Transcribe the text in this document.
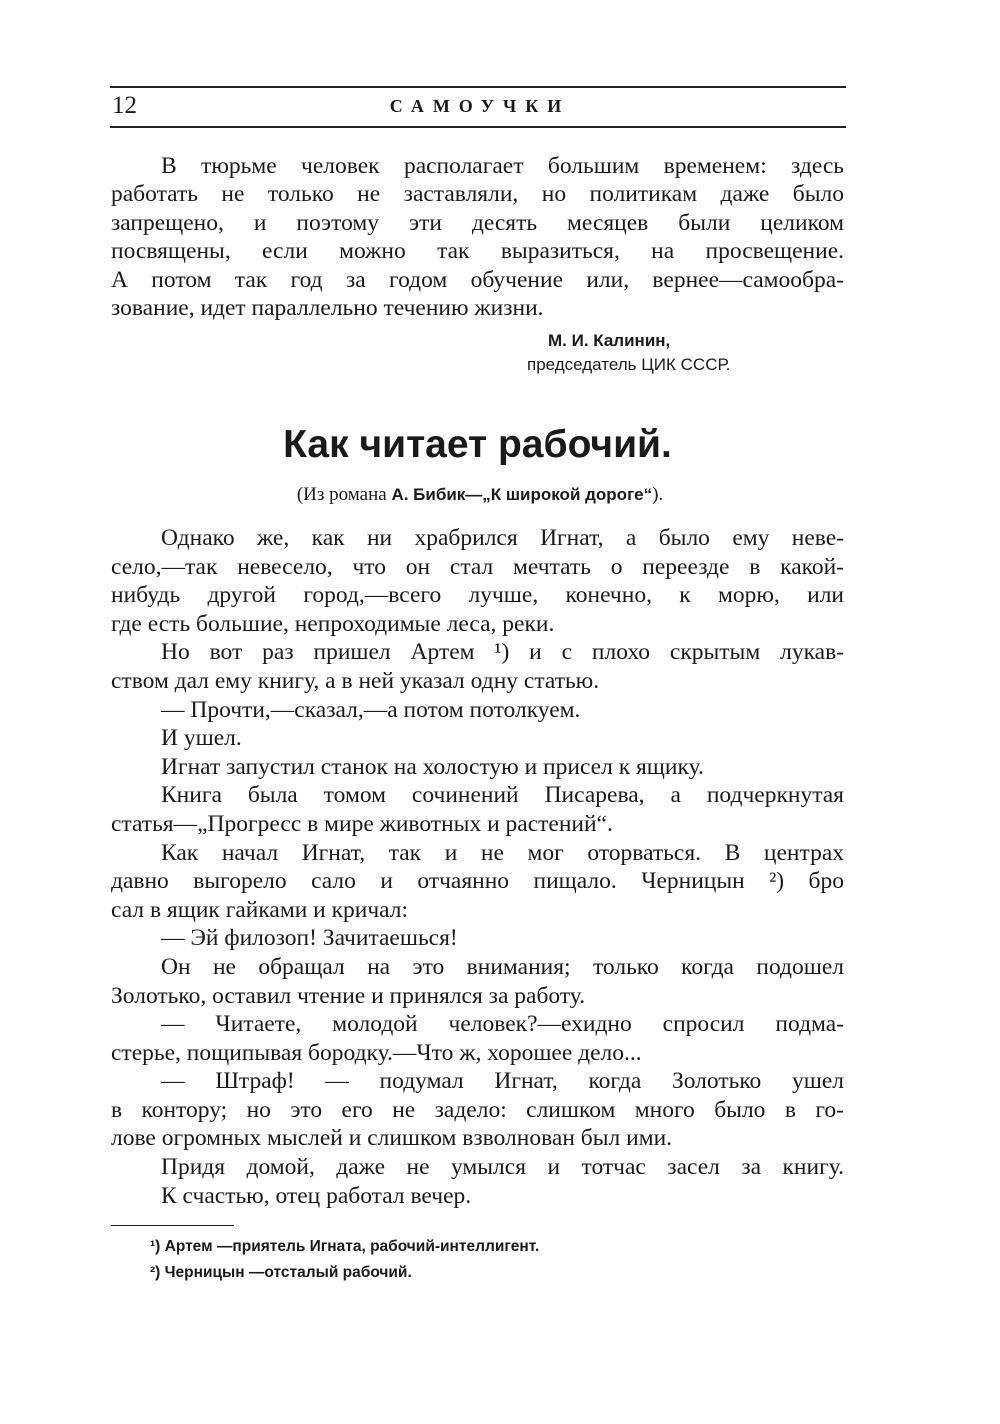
12	САМОУЧКИ
В тюрьме человек располагает большим временем: здесь
работать не только не заставляли, но политикам даже было
запрещено, и поэтому эти десять месяцев были целиком
посвящены, если можно так выразиться, на просвещение.
А потом так год за годом обучение или, вернее—самообра-
зование, идет параллельно течению жизни.
М. И. Калинин,
председатель ЦИК СССР.
Как читает рабочий.
(Из романа А. Бибик—„К широкой дороге“).
Однако же, как ни храбрился Игнат, а было ему неве-
село,—так невесело, что он стал мечтать о переезде в какой-
нибудь другой город,—всего лучше, конечно, к морю, или
где есть большие, непроходимые леса, реки.
Но вот раз пришел Артем ¹) и с плохо скрытым лукав-
ством дал ему книгу, а в ней указал одну статью.
— Прочти,—сказал,—а потом потолкуем.
И ушел.
Игнат запустил станок на холостую и присел к ящику.
Книга была томом сочинений Писарева, а подчеркнутая
статья—„Прогресс в мире животных и растений“.
Как начал Игнат, так и не мог оторваться. В центрах
давно выгорело сало и отчаянно пищало. Черницын ²) бро
сал в ящик гайками и кричал:
— Эй филозоп! Зачитаешься!
Он не обращал на это внимания; только когда подошел
Золотько, оставил чтение и принялся за работу.
— Читаете, молодой человек?—ехидно спросил подма-
стерье, пощипывая бородку.—Что ж, хорошее дело...
— Штраф! — подумал Игнат, когда Золотько ушел
в контору; но это его не задело: слишком много было в го-
лове огромных мыслей и слишком взволнован был ими.
Придя домой, даже не умылся и тотчас засел за книгу.
К счастью, отец работал вечер.
¹) Артем —приятель Игната, рабочий-интеллигент.
²) Черницын —отсталый рабочий.
